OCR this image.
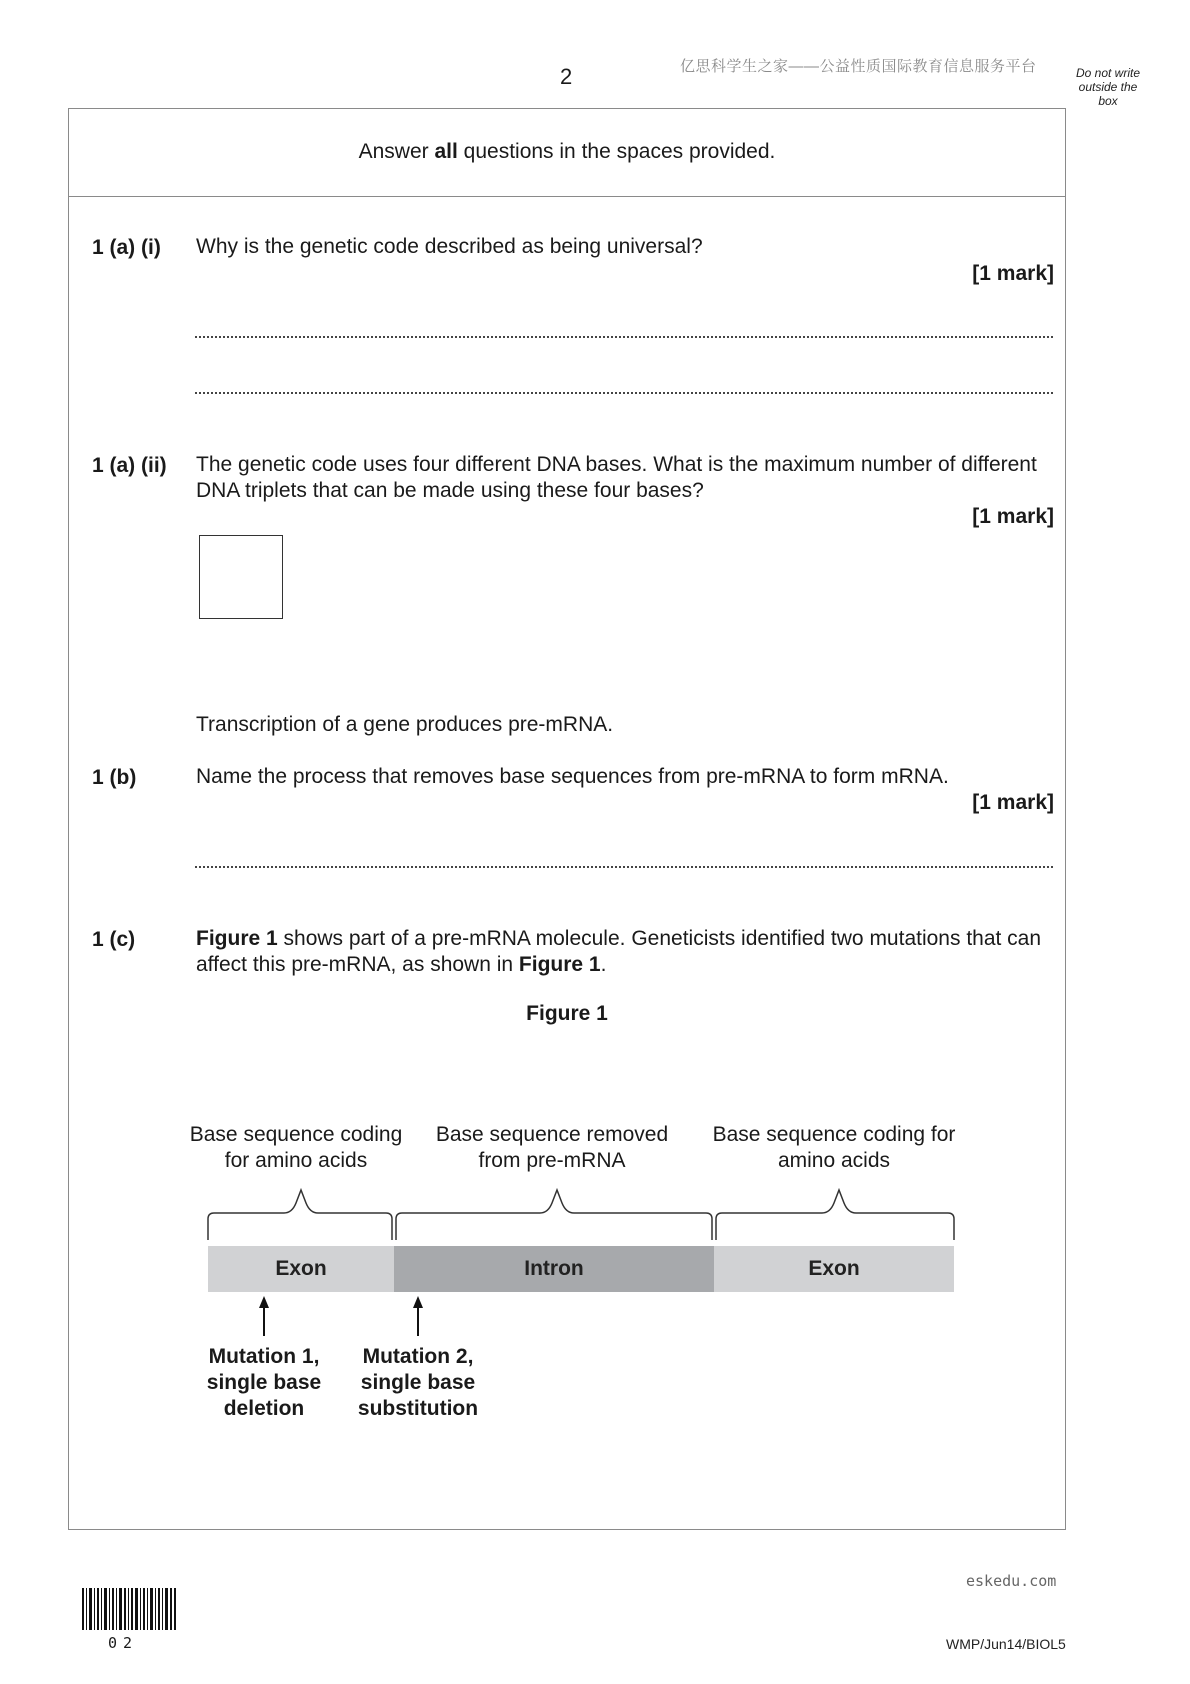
2	亿思科学生之家——公益性质国际教育信息服务平台	Do not write outside the box
Answer all questions in the spaces provided.
1 (a) (i) Why is the genetic code described as being universal?
[1 mark]
1 (a) (ii) The genetic code uses four different DNA bases. What is the maximum number of different DNA triplets that can be made using these four bases?
[1 mark]
Transcription of a gene produces pre-mRNA.
1 (b)	Name the process that removes base sequences from pre-mRNA to form mRNA.
[1 mark]
1 (c)	Figure 1 shows part of a pre-mRNA molecule. Geneticists identified two mutations that can affect this pre-mRNA, as shown in Figure 1.
Figure 1
Base sequence coding for amino acids
Base sequence removed from pre-mRNA
Base sequence coding for amino acids
Exon	Intron	Exon
Mutation 1, single base deletion
Mutation 2, single base substitution
eskedu.com
02	WMP/Jun14/BIOL5
